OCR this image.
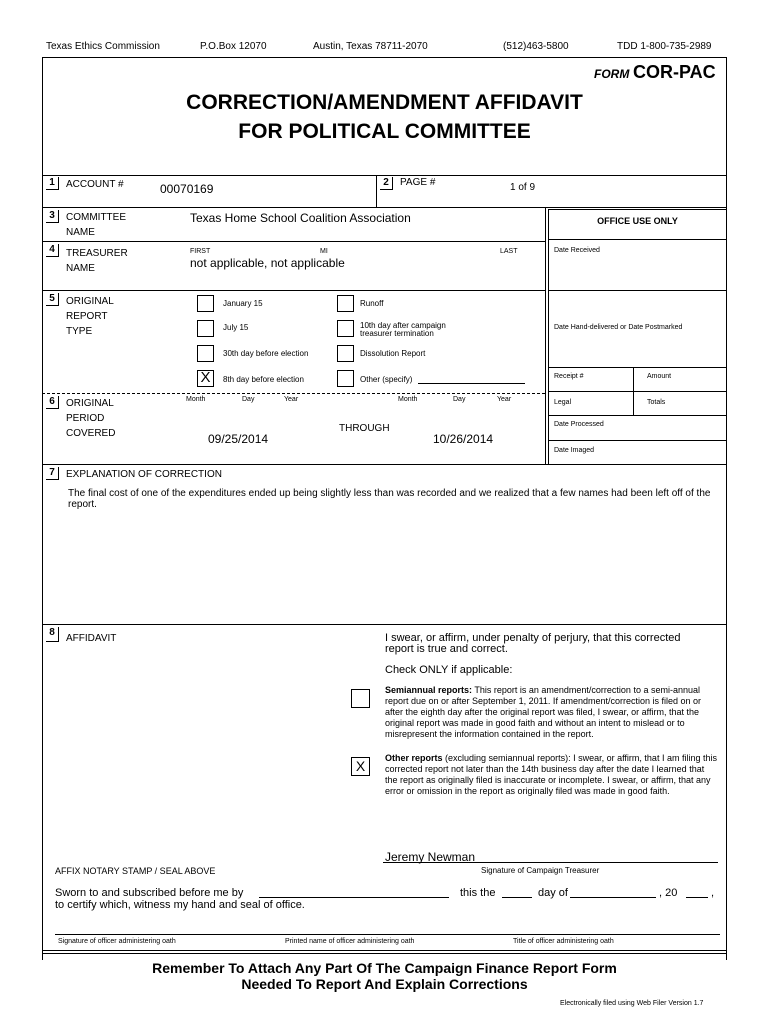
Texas Ethics Commission	P.O.Box 12070	Austin, Texas 78711-2070	(512)463-5800	TDD 1-800-735-2989
FORM COR-PAC
CORRECTION/AMENDMENT AFFIDAVIT
FOR POLITICAL COMMITTEE
1	ACCOUNT #	00070169	2	PAGE #	1 of 9
OFFICE USE ONLY
Date Received
Date Hand-delivered or Date Postmarked
Receipt #	Amount
Legal	Totals
Date Processed
Date Imaged
3	COMMITTEE
NAME
Texas Home School Coalition Association
4	TREASURER
NAME
FIRST	MI	LAST
not applicable, not applicable
5	ORIGINAL
REPORT
TYPE
January 15	Runoff
July 15	10th day after campaign
treasurer termination
30th day before election	Dissolution Report
X	8th day before election	Other (specify)
6	ORIGINAL
PERIOD
COVERED
Month	Day	Year	Month	Day	Year
09/25/2014
THROUGH
10/26/2014
7	EXPLANATION OF CORRECTION
The final cost of one of the expenditures ended up being slightly less than was recorded and we realized that a few names had been left off of the report.
8
AFFIDAVIT	I swear, or affirm, under penalty of perjury, that this corrected report is true and correct.
Check ONLY if applicable:
Semiannual reports: This report is an amendment/correction to a semi-annual report due on or after September 1, 2011. If amendment/correction is filed on or after the eighth day after the original report was filed, I swear, or affirm, that the original report was made in good faith and without an intent to mislead or to misrepresent the information contained in the report.
X	Other reports (excluding semiannual reports): I swear, or affirm, that I am filing this corrected report not later than the 14th business day after the date I learned that the report as originally filed is inaccurate or incomplete. I swear, or affirm, that any error or omission in the report as originally filed was made in good faith.
Jeremy Newman
Signature of Campaign Treasurer
AFFIX NOTARY STAMP / SEAL ABOVE
Sworn to and subscribed before me by
to certify which, witness my hand and seal of office.
this the	day of	, 20	,
Signature of officer administering oath	Printed name of officer administering oath	Title of officer administering oath
Remember To Attach Any Part Of The Campaign Finance Report Form
Needed To Report And Explain Corrections
Electronically filed using Web Filer Version 1.7
